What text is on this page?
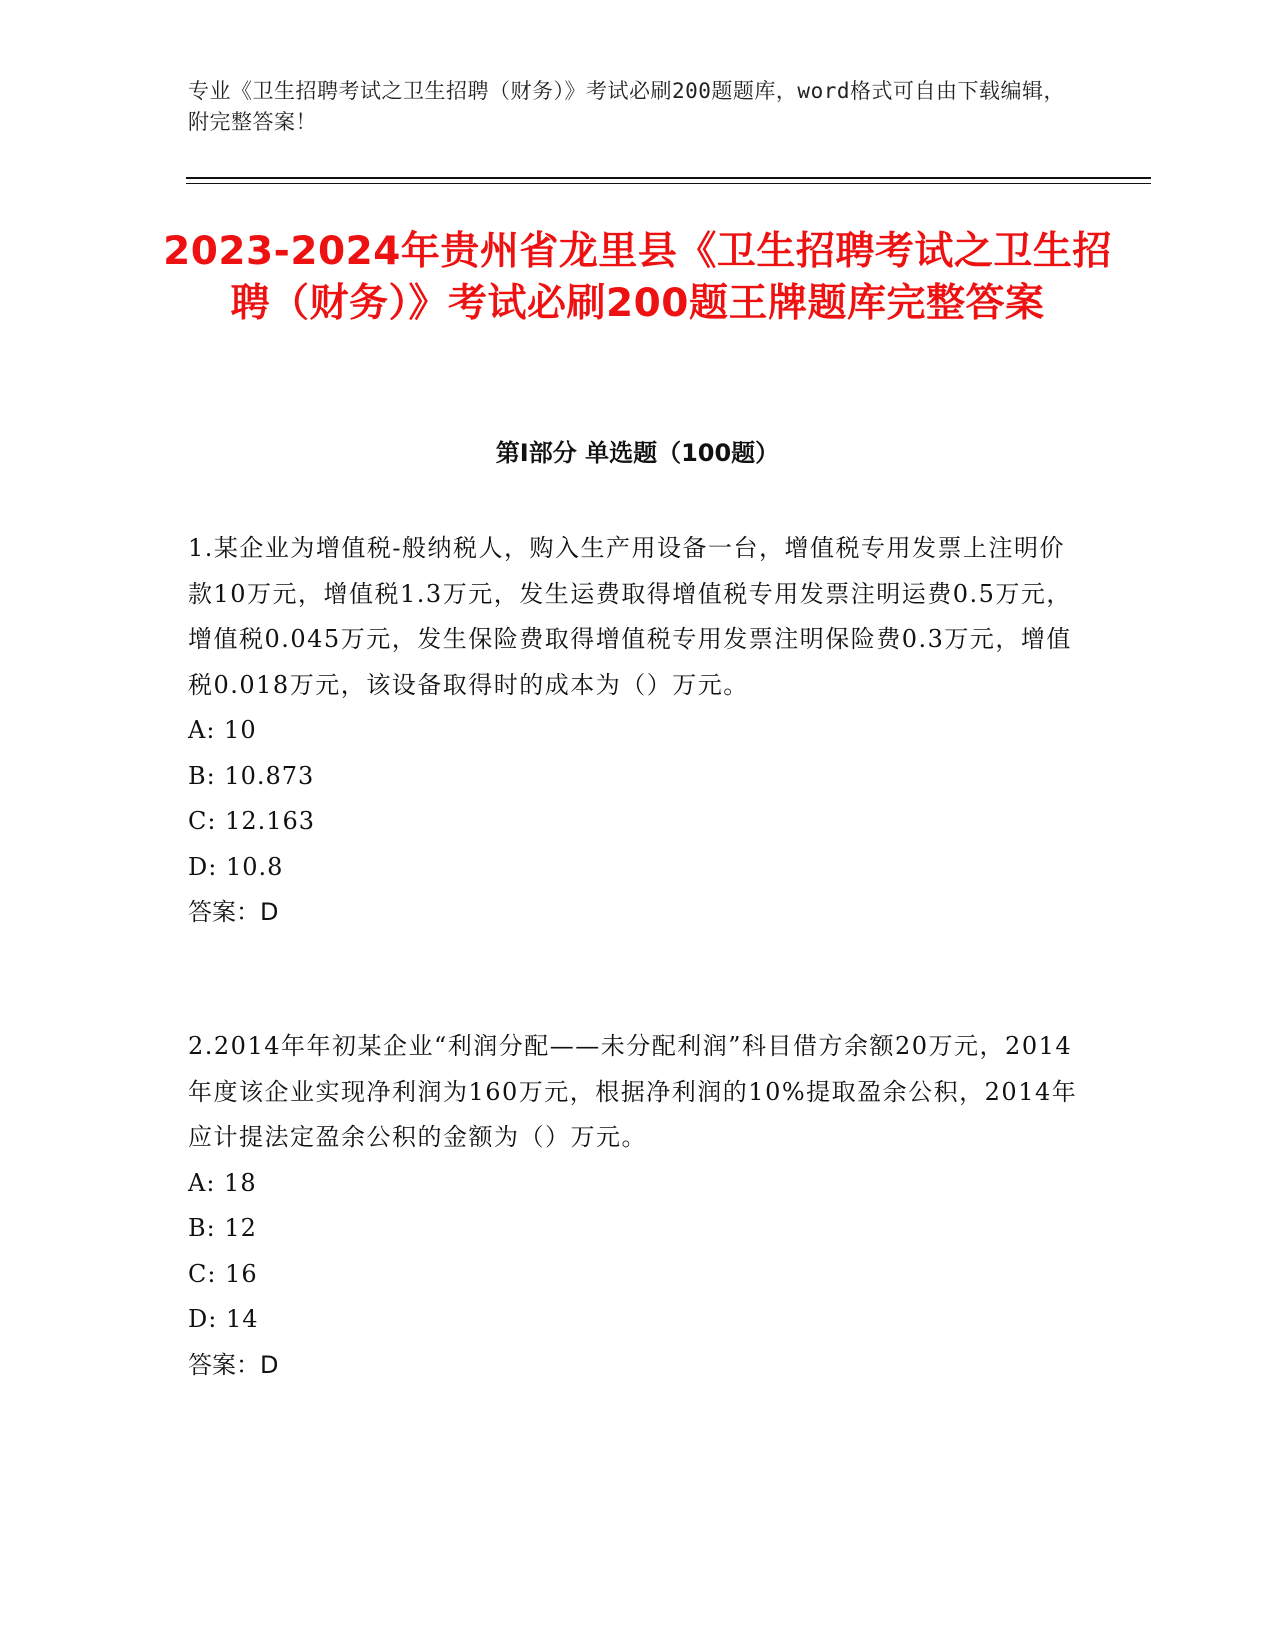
专业《卫生招聘考试之卫生招聘（财务）》考试必刷200题题库，word格式可自由下载编辑，附完整答案！
2023-2024年贵州省龙里县《卫生招聘考试之卫生招聘（财务）》考试必刷200题王牌题库完整答案
第Ⅰ部分 单选题（100题）

1.某企业为增值税-般纳税人，购入生产用设备一台，增值税专用发票上注明价款10万元，增值税1.3万元，发生运费取得增值税专用发票注明运费0.5万元，增值税0.045万元，发生保险费取得增值税专用发票注明保险费0.3万元，增值税0.018万元，该设备取得时的成本为（）万元。

A: 10

B: 10.873

C: 12.163

D: 10.8

答案：D

2.2014年年初某企业“利润分配——未分配利润”科目借方余额20万元，2014年度该企业实现净利润为160万元，根据净利润的10%提取盈余公积，2014年应计提法定盈余公积的金额为（）万元。

A: 18

B: 12

C: 16

D: 14

答案：D
